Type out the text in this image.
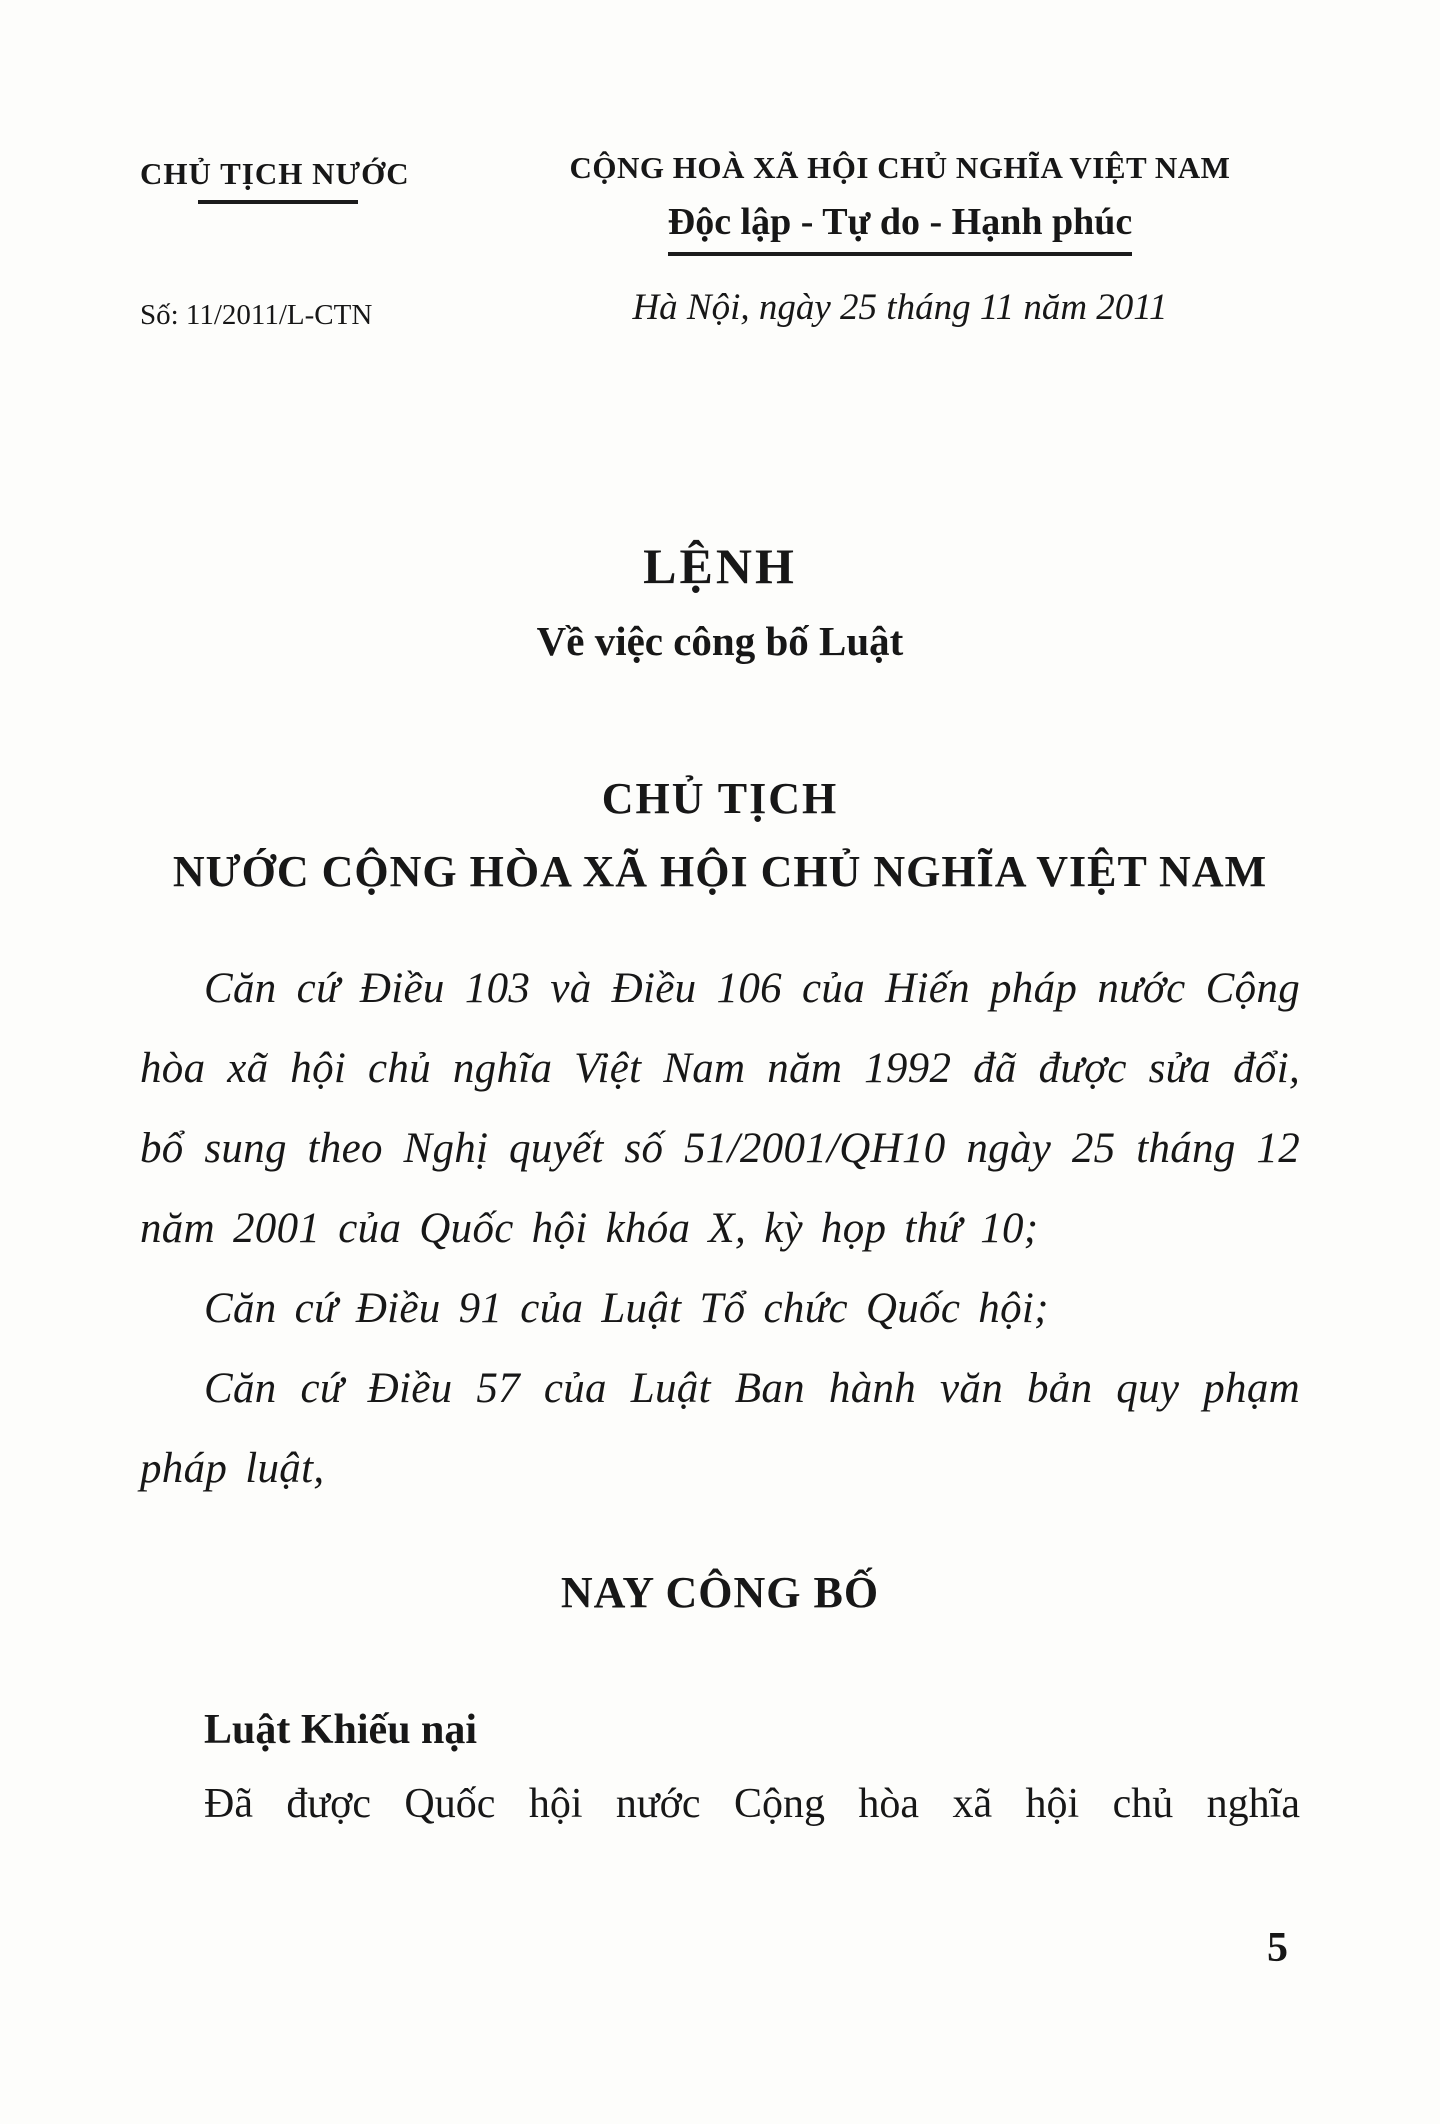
CHỦ TỊCH NƯỚC
Số: 11/2011/L-CTN
CỘNG HOÀ XÃ HỘI CHỦ NGHĨA VIỆT NAM
Độc lập - Tự do - Hạnh phúc
Hà Nội, ngày 25 tháng 11 năm 2011
LỆNH
Về việc công bố Luật
CHỦ TỊCH
NƯỚC CỘNG HÒA XÃ HỘI CHỦ NGHĨA VIỆT NAM

Căn cứ Điều 103 và Điều 106 của Hiến pháp nước Cộng hòa xã hội chủ nghĩa Việt Nam năm 1992 đã được sửa đổi, bổ sung theo Nghị quyết số 51/2001/QH10 ngày 25 tháng 12 năm 2001 của Quốc hội khóa X, kỳ họp thứ 10;

Căn cứ Điều 91 của Luật Tổ chức Quốc hội;

Căn cứ Điều 57 của Luật Ban hành văn bản quy phạm pháp luật,

NAY CÔNG BỐ
Luật Khiếu nại
Đã được Quốc hội nước Cộng hòa xã hội chủ nghĩa
5
